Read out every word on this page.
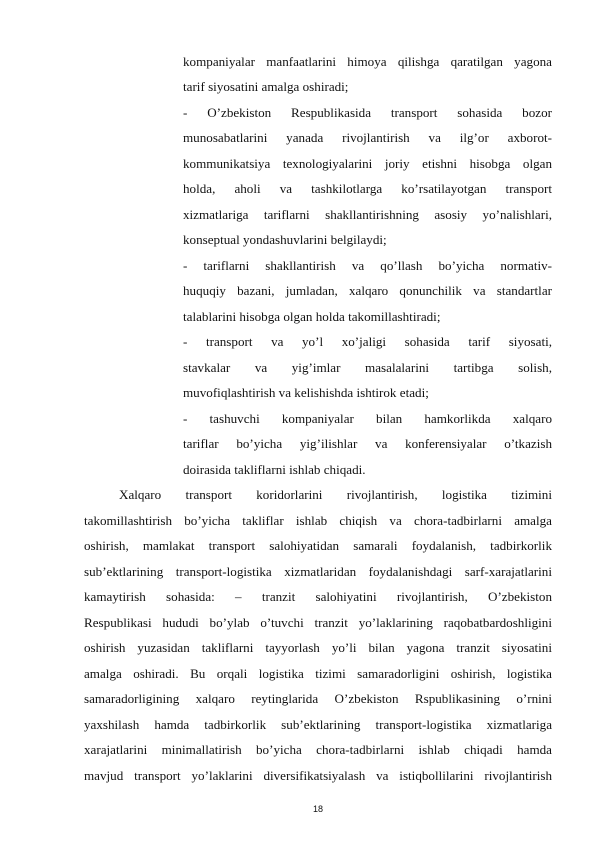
kompaniyalar manfaatlarini himoya qilishga qaratilgan yagona
tarif siyosatini amalga oshiradi;
- O’zbekiston Respublikasida transport sohasida bozor
munosabatlarini yanada rivojlantirish va ilg’or axborot-
kommunikatsiya texnologiyalarini joriy etishni hisobga olgan
holda, aholi va tashkilotlarga ko’rsatilayotgan transport
xizmatlariga tariflarni shakllantirishning asosiy yo’nalishlari,
konseptual yondashuvlarini belgilaydi;
- tariflarni shakllantirish va qo’llash bo’yicha normativ-
huquqiy bazani, jumladan, xalqaro qonunchilik va standartlar
talablarini hisobga olgan holda takomillashtiradi;
- transport va yo’l xo’jaligi sohasida tarif siyosati,
stavkalar va yig’imlar masalalarini tartibga solish,
muvofiqlashtirish va kelishishda ishtirok etadi;
- tashuvchi kompaniyalar bilan hamkorlikda xalqaro
tariflar bo’yicha yig’ilishlar va konferensiyalar o’tkazish
doirasida takliflarni ishlab chiqadi.
Xalqaro transport koridorlarini rivojlantirish, logistika tizimini
takomillashtirish bo’yicha takliflar ishlab chiqish va chora-tadbirlarni amalga
oshirish, mamlakat transport salohiyatidan samarali foydalanish, tadbirkorlik
sub’ektlarining transport-logistika xizmatlaridan foydalanishdagi sarf-xarajatlarini
kamaytirish sohasida: – tranzit salohiyatini rivojlantirish, O’zbekiston
Respublikasi hududi bo’ylab o’tuvchi tranzit yo’laklarining raqobatbardoshligini
oshirish yuzasidan takliflarni tayyorlash yo’li bilan yagona tranzit siyosatini
amalga oshiradi. Bu orqali logistika tizimi samaradorligini oshirish, logistika
samaradorligining xalqaro reytinglarida O’zbekiston Rspublikasining o’rnini
yaxshilash hamda tadbirkorlik sub’ektlarining transport-logistika xizmatlariga
xarajatlarini minimallatirish bo’yicha chora-tadbirlarni ishlab chiqadi hamda
mavjud transport yo’laklarini diversifikatsiyalash va istiqbollilarini rivojlantirish
18
